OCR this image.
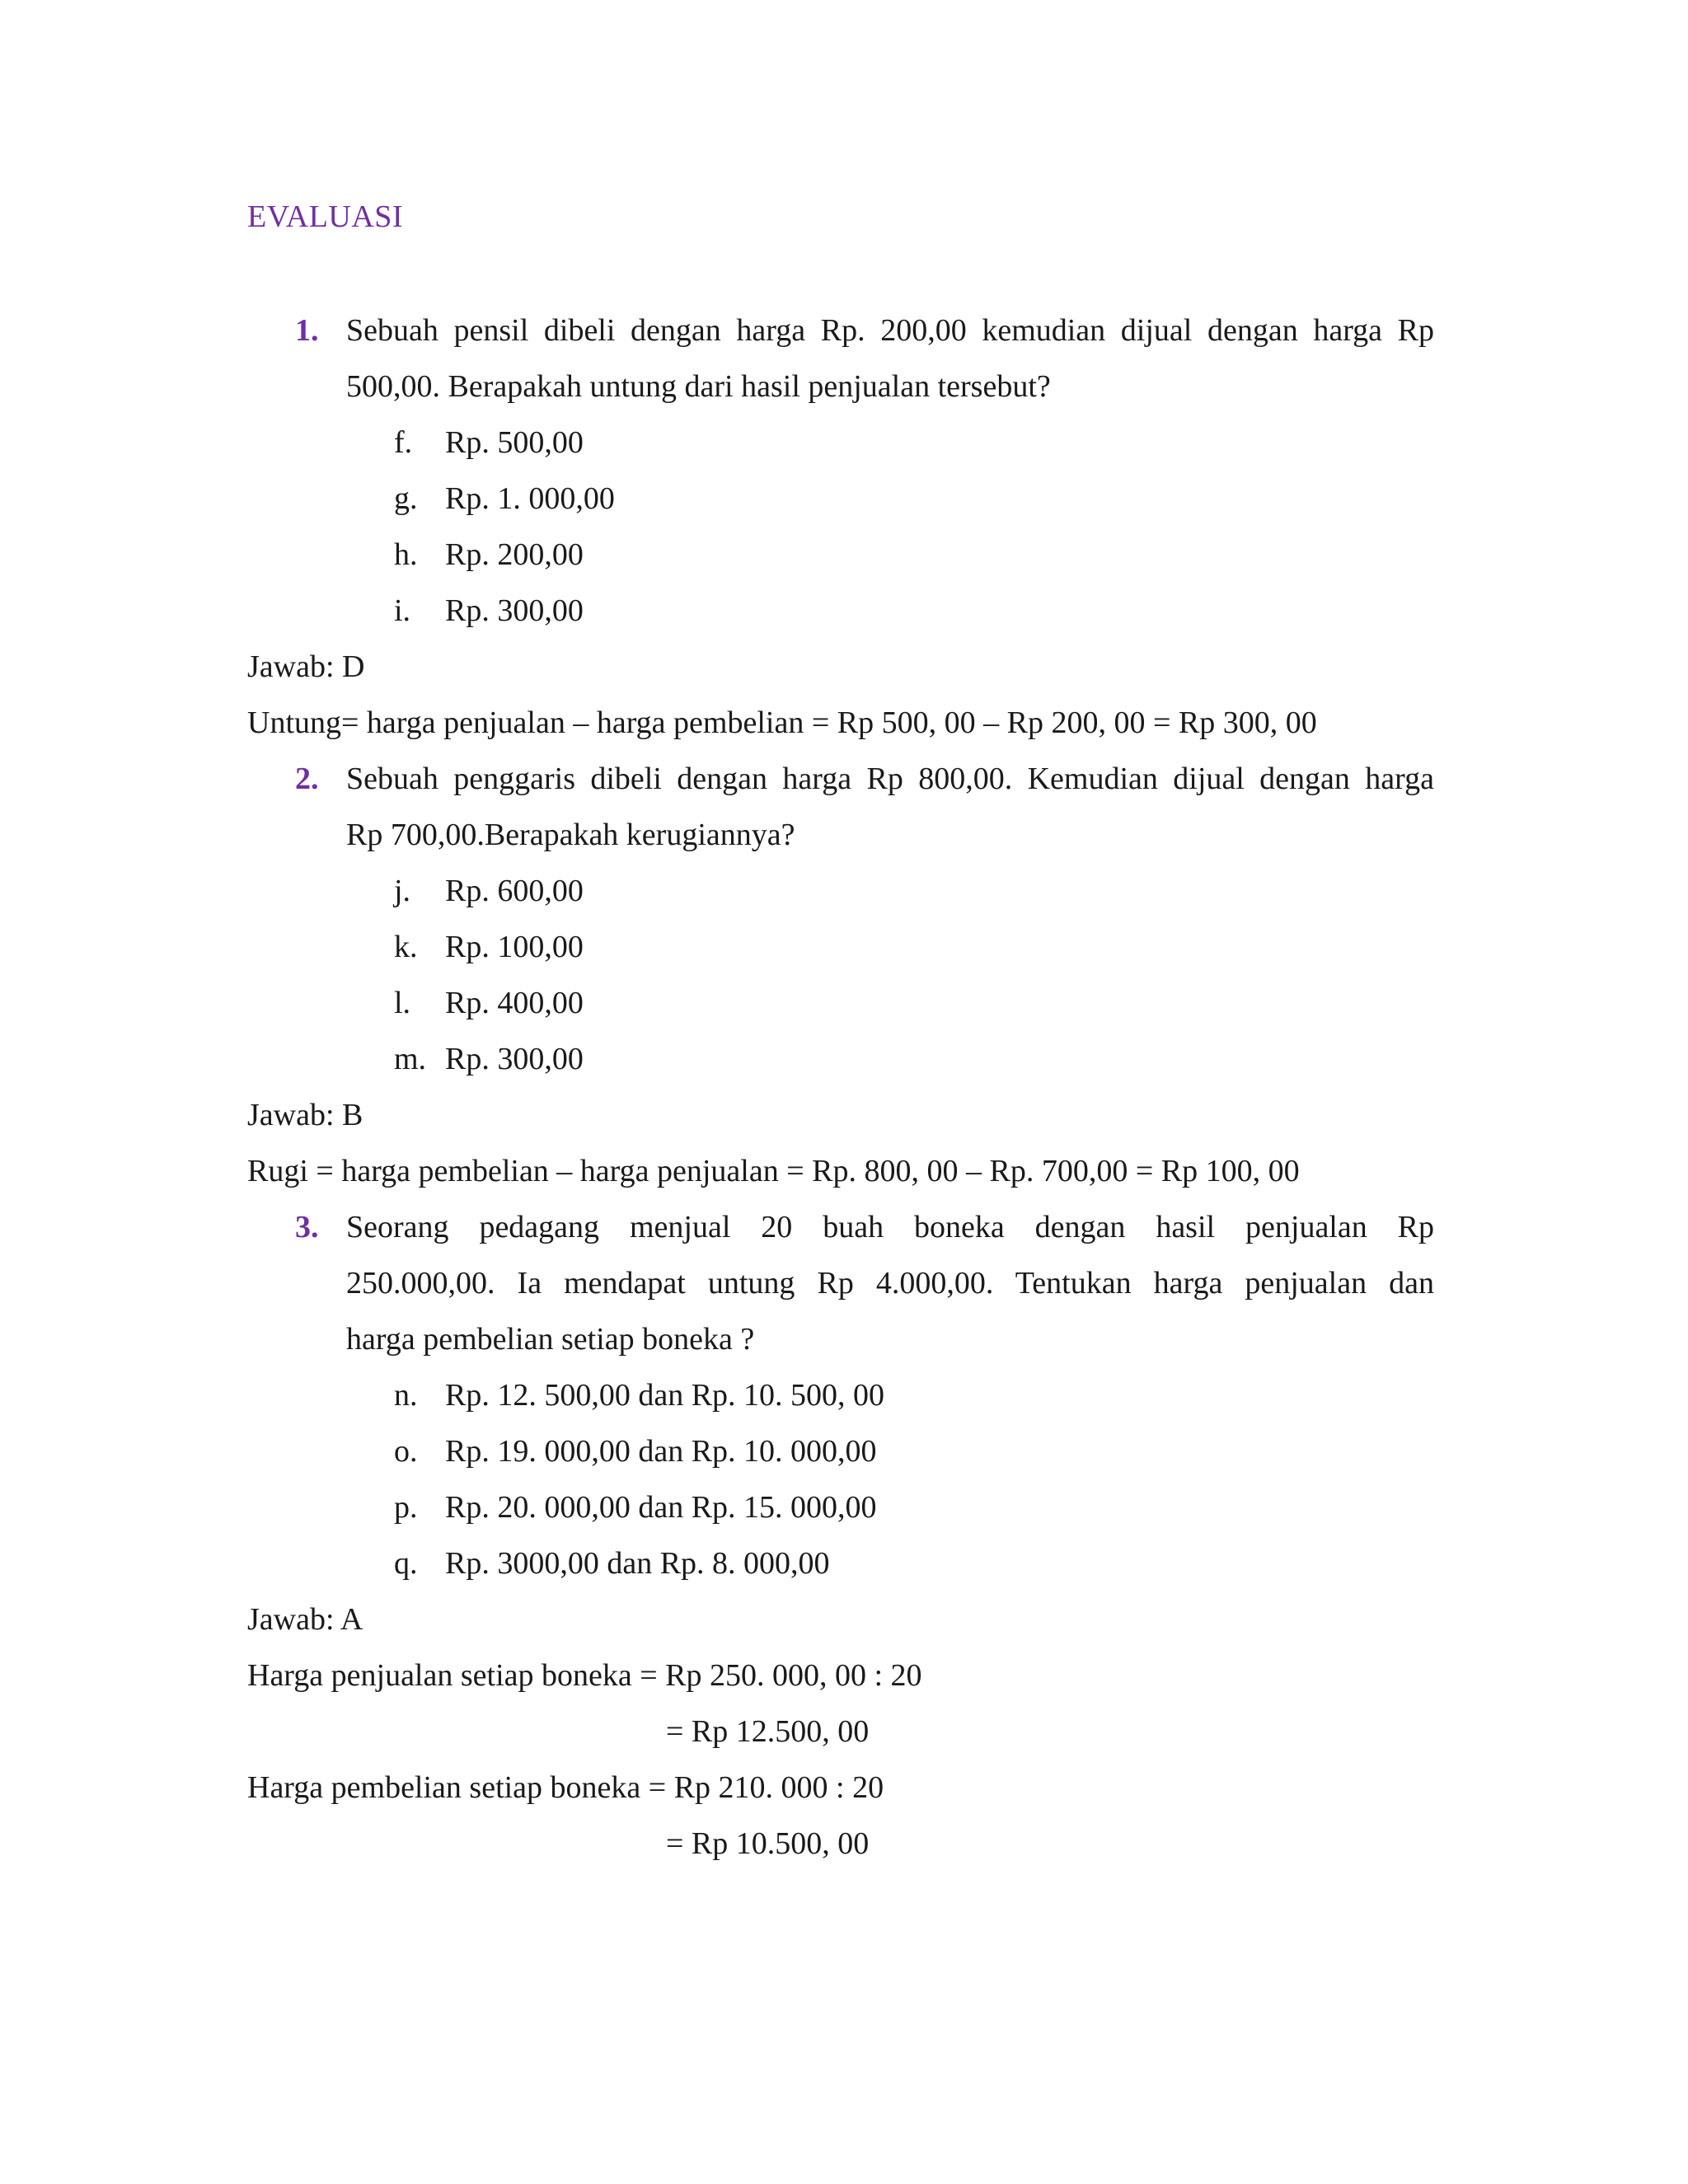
EVALUASI
1. Sebuah pensil dibeli dengan harga Rp. 200,00 kemudian dijual dengan harga Rp
500,00. Berapakah untung dari hasil penjualan tersebut?
f. Rp. 500,00
g. Rp. 1. 000,00
h. Rp. 200,00
i. Rp. 300,00
Jawab: D
Untung= harga penjualan – harga pembelian = Rp 500, 00 – Rp 200, 00 = Rp 300, 00
2. Sebuah penggaris dibeli dengan harga Rp 800,00. Kemudian dijual dengan harga
Rp 700,00.Berapakah kerugiannya?
j. Rp. 600,00
k. Rp. 100,00
l. Rp. 400,00
m. Rp. 300,00
Jawab: B
Rugi = harga pembelian – harga penjualan = Rp. 800, 00 – Rp. 700,00 = Rp 100, 00
3. Seorang pedagang menjual 20 buah boneka dengan hasil penjualan Rp
250.000,00. Ia mendapat untung Rp 4.000,00. Tentukan harga penjualan dan
harga pembelian setiap boneka ?
n. Rp. 12. 500,00 dan Rp. 10. 500, 00
o. Rp. 19. 000,00 dan Rp. 10. 000,00
p. Rp. 20. 000,00 dan Rp. 15. 000,00
q. Rp. 3000,00 dan Rp. 8. 000,00
Jawab: A
Harga penjualan setiap boneka = Rp 250. 000, 00 : 20
= Rp 12.500, 00
Harga pembelian setiap boneka = Rp 210. 000 : 20
= Rp 10.500, 00
